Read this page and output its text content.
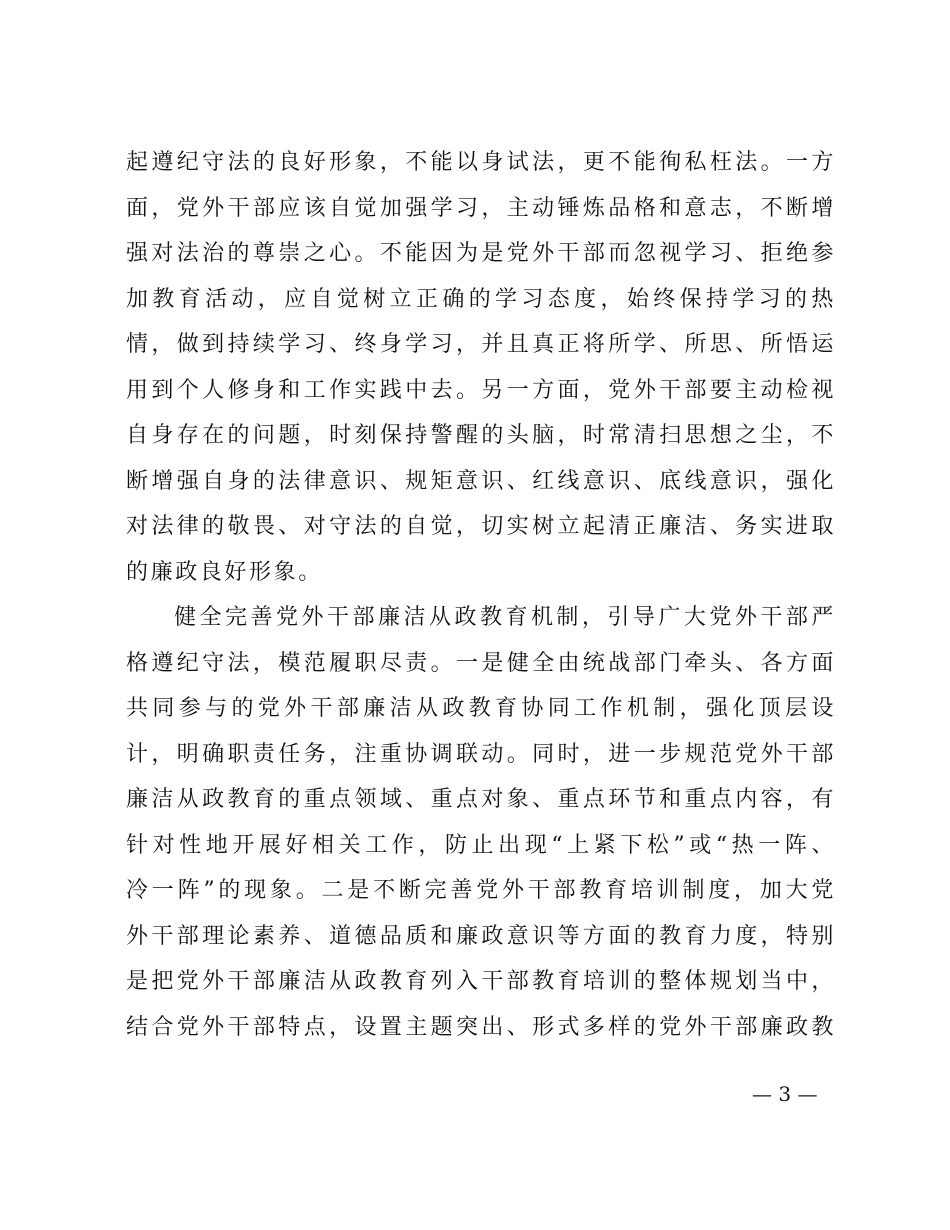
起遵纪守法的良好形象，不能以身试法，更不能徇私枉法。一方
面，党外干部应该自觉加强学习，主动锤炼品格和意志，不断增
强对法治的尊崇之心。不能因为是党外干部而忽视学习、拒绝参
加教育活动，应自觉树立正确的学习态度，始终保持学习的热
情，做到持续学习、终身学习，并且真正将所学、所思、所悟运
用到个人修身和工作实践中去。另一方面，党外干部要主动检视
自身存在的问题，时刻保持警醒的头脑，时常清扫思想之尘，不
断增强自身的法律意识、规矩意识、红线意识、底线意识，强化
对法律的敬畏、对守法的自觉，切实树立起清正廉洁、务实进取
的廉政良好形象。
健全完善党外干部廉洁从政教育机制，引导广大党外干部严
格遵纪守法，模范履职尽责。一是健全由统战部门牵头、各方面
共同参与的党外干部廉洁从政教育协同工作机制，强化顶层设
计，明确职责任务，注重协调联动。同时，进一步规范党外干部
廉洁从政教育的重点领域、重点对象、重点环节和重点内容，有
针对性地开展好相关工作，防止出现“上紧下松”或“热一阵、
冷一阵”的现象。二是不断完善党外干部教育培训制度，加大党
外干部理论素养、道德品质和廉政意识等方面的教育力度，特别
是把党外干部廉洁从政教育列入干部教育培训的整体规划当中，
结合党外干部特点，设置主题突出、形式多样的党外干部廉政教
— 3 —
